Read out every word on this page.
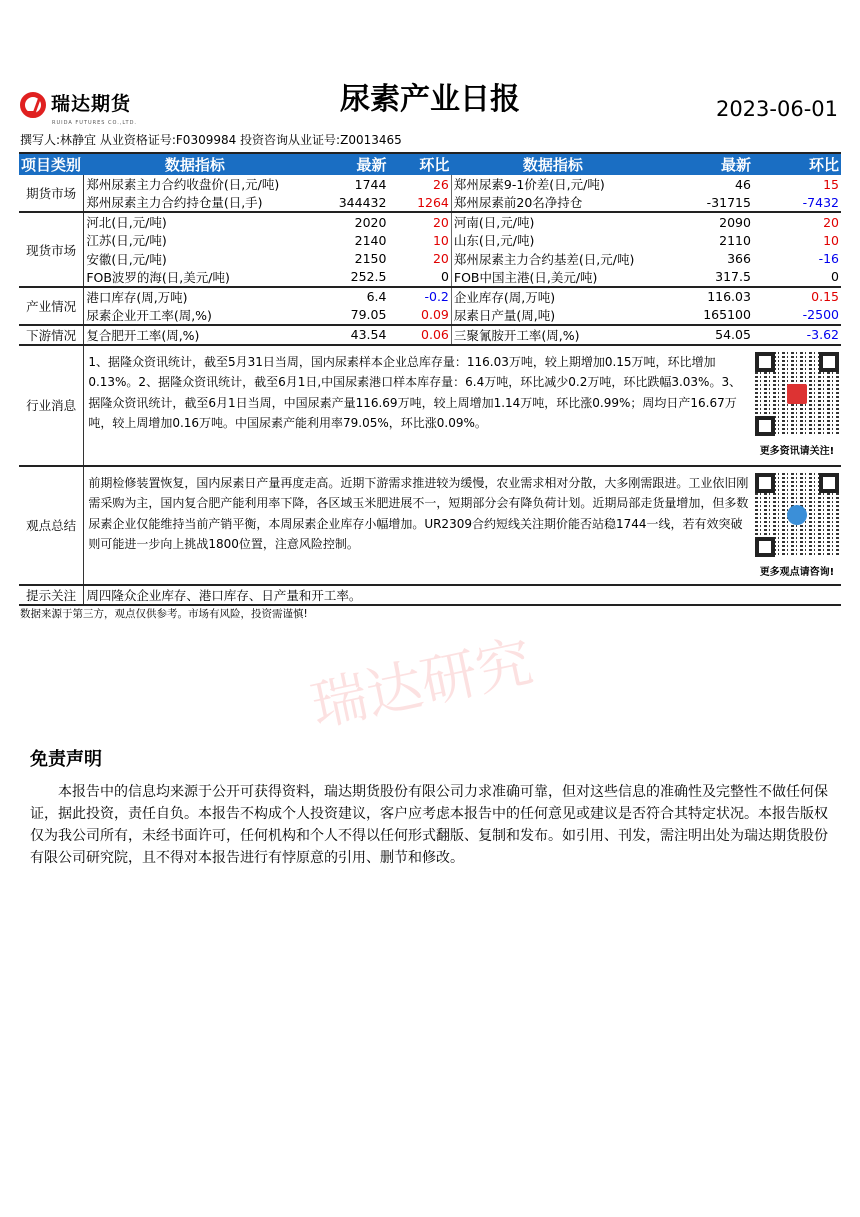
瑞达期货
RUIDA FUTURES CO.,LTD.
尿素产业日报	2023-06-01
撰写人:林静宜 从业资格证号:F0309984 投资咨询从业证号:Z0013465
项目类别	数据指标	最新	环比	数据指标	最新	环比
期货市场	郑州尿素主力合约收盘价(日,元/吨)	1744	26	郑州尿素9-1价差(日,元/吨)	46	15
	郑州尿素主力合约持仓量(日,手)	344432	1264	郑州尿素前20名净持仓	-31715	-7432
现货市场	河北(日,元/吨)	2020	20	河南(日,元/吨)	2090	20
	江苏(日,元/吨)	2140	10	山东(日,元/吨)	2110	10
	安徽(日,元/吨)	2150	20	郑州尿素主力合约基差(日,元/吨)	366	-16
	FOB波罗的海(日,美元/吨)	252.5	0	FOB中国主港(日,美元/吨)	317.5	0
产业情况	港口库存(周,万吨)	6.4	-0.2	企业库存(周,万吨)	116.03	0.15
	尿素企业开工率(周,%)	79.05	0.09	尿素日产量(周,吨)	165100	-2500
下游情况	复合肥开工率(周,%)	43.54	0.06	三聚氰胺开工率(周,%)	54.05	-3.62
行业消息	1、据隆众资讯统计，截至5月31日当周，国内尿素样本企业总库存量：116.03万吨，较上期增加0.15万吨，环比增加0.13%。2、据隆众资讯统计，截至6月1日,中国尿素港口样本库存量：6.4万吨，环比减少0.2万吨，环比跌幅3.03%。3、据隆众资讯统计，截至6月1日当周，中国尿素产量116.69万吨，较上周增加1.14万吨，环比涨0.99%；周均日产16.67万吨，较上周增加0.16万吨。中国尿素产能利用率79.05%，环比涨0.09%。					更多资讯请关注!

观点总结	前期检修装置恢复，国内尿素日产量再度走高。近期下游需求推进较为缓慢，农业需求相对分散，大多刚需跟进。工业依旧刚需采购为主，国内复合肥产能利用率下降，各区域玉米肥进展不一，短期部分会有降负荷计划。近期局部走货量增加，但多数尿素企业仅能维持当前产销平衡，本周尿素企业库存小幅增加。UR2309合约短线关注期价能否站稳1744一线，若有效突破则可能进一步向上挑战1800位置，注意风险控制。					更多观点请咨询!

提示关注	周四隆众企业库存、港口库存、日产量和开工率。					
数据来源于第三方，观点仅供参考。市场有风险，投资需谨慎!
瑞达研究
免责声明
本报告中的信息均来源于公开可获得资料，瑞达期货股份有限公司力求准确可靠，但对这些信息的准确性及完整性不做任何保证，据此投资，责任自负。本报告不构成个人投资建议，客户应考虑本报告中的任何意见或建议是否符合其特定状况。本报告版权仅为我公司所有，未经书面许可，任何机构和个人不得以任何形式翻版、复制和发布。如引用、刊发，需注明出处为瑞达期货股份有限公司研究院，且不得对本报告进行有悖原意的引用、删节和修改。
